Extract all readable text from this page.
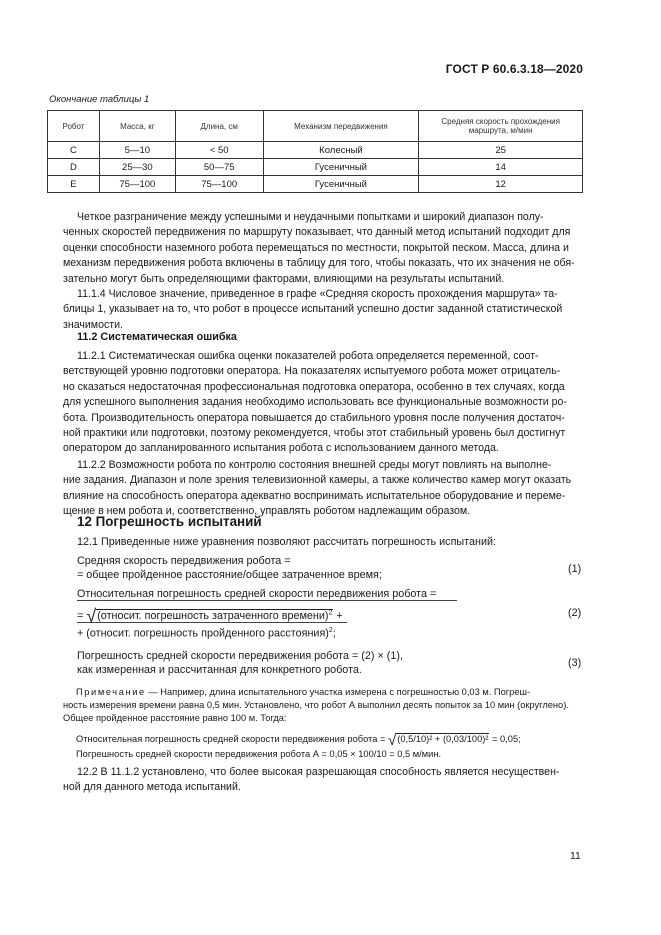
ГОСТ Р 60.6.3.18—2020
Окончание таблицы 1
Робот	Масса, кг	Длина, см	Механизм передвижения	Средняя скорость прохождения маршрута, м/мин
C	5—10	< 50	Колесный	25
D	25—30	50—75	Гусеничный	14
E	75—100	75—100	Гусеничный	12
Четкое разграничение между успешными и неудачными попытками и широкий диапазон полу-
ченных скоростей передвижения по маршруту показывает, что данный метод испытаний подходит для
оценки способности наземного робота перемещаться по местности, покрытой песком. Масса, длина и
механизм передвижения робота включены в таблицу для того, чтобы показать, что их значения не обя-
зательно могут быть определяющими факторами, влияющими на результаты испытаний.
11.1.4 Числовое значение, приведенное в графе «Средняя скорость прохождения маршрута» та-
блицы 1, указывает на то, что робот в процессе испытаний успешно достиг заданной статистической
значимости.
11.2 Систематическая ошибка
11.2.1 Систематическая ошибка оценки показателей робота определяется переменной, соот-
ветствующей уровню подготовки оператора. На показателях испытуемого робота может отрицатель-
но сказаться недостаточная профессиональная подготовка оператора, особенно в тех случаях, когда
для успешного выполнения задания необходимо использовать все функциональные возможности ро-
бота. Производительность оператора повышается до стабильного уровня после получения достаточ-
ной практики или подготовки, поэтому рекомендуется, чтобы этот стабильный уровень был достигнут
оператором до запланированного испытания робота с использованием данного метода.
11.2.2 Возможности робота по контролю состояния внешней среды могут повлиять на выполне-
ние задания. Диапазон и поле зрения телевизионной камеры, а также количество камер могут оказать
влияние на способность оператора адекватно воспринимать испытательное оборудование и переме-
щение в нем робота и, соответственно, управлять роботом надлежащим образом.
12 Погрешность испытаний
12.1 Приведенные ниже уравнения позволяют рассчитать погрешность испытаний:
Средняя скорость передвижения робота =
= общее пройденное расстояние/общее затраченное время;	(1)
Относительная погрешность средней скорости передвижения робота =
= √(относит. погрешность затраченного времени)$^2$ +
+ (относит. погрешность пройденного расстояния)$^2$;
(2)
Погрешность средней скорости передвижения робота = (2) × (1),
как измеренная и рассчитанная для конкретного робота.
(3)
Примечание — Например, длина испытательного участка измерена с погрешностью 0,03 м. Погреш-
ность измерения времени равна 0,5 мин. Установлено, что робот А выполнил десять попыток за 10 мин (округлено).
Общее пройденное расстояние равно 100 м. Тогда:
Относительная погрешность средней скорости передвижения робота = √(0,5/10)² + (0,03/100)² = 0,05;
Погрешность средней скорости передвижения робота А = 0,05 × 100/10 = 0,5 м/мин.
12.2 В 11.1.2 установлено, что более высокая разрешающая способность является несуществен-
ной для данного метода испытаний.
11
